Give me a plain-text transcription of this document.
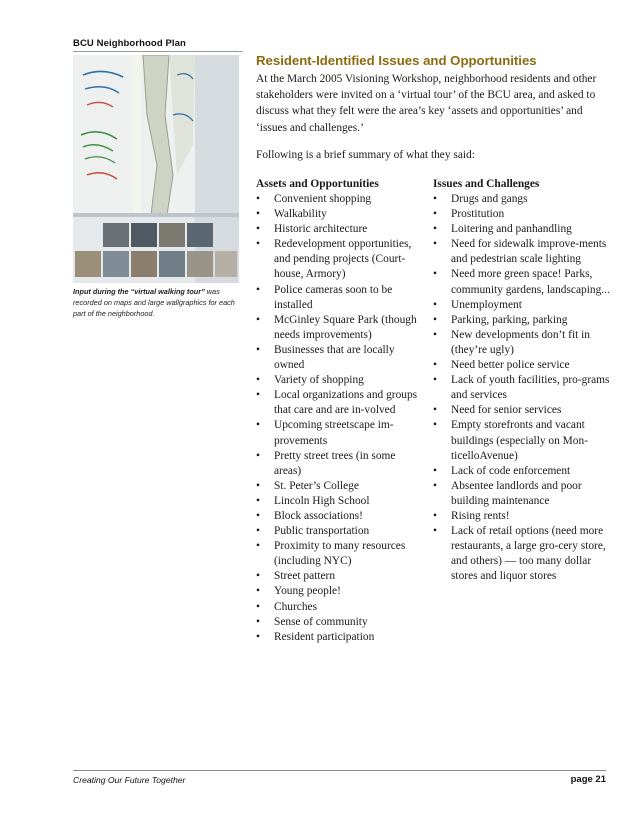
BCU Neighborhood Plan
Input during the “virtual walking tour” was recorded on maps and large wallgraphics for each part of the neighborhood.
Resident-Identified Issues and Opportunities

At the March 2005 Visioning Workshop, neighborhood residents and other stakeholders were invited on a ‘virtual tour’ of the BCU area, and asked to discuss what they felt were the area’s key ‘assets and opportunities’ and ‘issues and challenges.’

Following is a brief summary of what they said:

Assets and Opportunities
• Convenient shopping
• Walkability
• Historic architecture
• Redevelopment opportunities, and pending projects (Court-house, Armory)
• Police cameras soon to be installed
• McGinley Square Park (though needs improvements)
• Businesses that are locally owned
• Variety of shopping
• Local organizations and groups that care and are in-volved
• Upcoming streetscape im-provements
• Pretty street trees (in some areas)
• St. Peter’s College
• Lincoln High School
• Block associations!
• Public transportation
• Proximity to many resources (including NYC)
• Street pattern
• Young people!
• Churches
• Sense of community
• Resident participation
Issues and Challenges
• Drugs and gangs
• Prostitution
• Loitering and panhandling
• Need for sidewalk improve-ments and pedestrian scale lighting
• Need more green space! Parks, community gardens, landscaping...
• Unemployment
• Parking, parking, parking
• New developments don’t fit in (they’re ugly)
• Need better police service
• Lack of youth facilities, pro-grams and services
• Need for senior services
• Empty storefronts and vacant buildings (especially on Mon-ticelloAvenue)
• Lack of code enforcement
• Absentee landlords and poor building maintenance
• Rising rents!
• Lack of retail options (need more restaurants, a large gro-cery store, and others) — too many dollar stores and liquor stores
Creating Our Future Together	page 21
